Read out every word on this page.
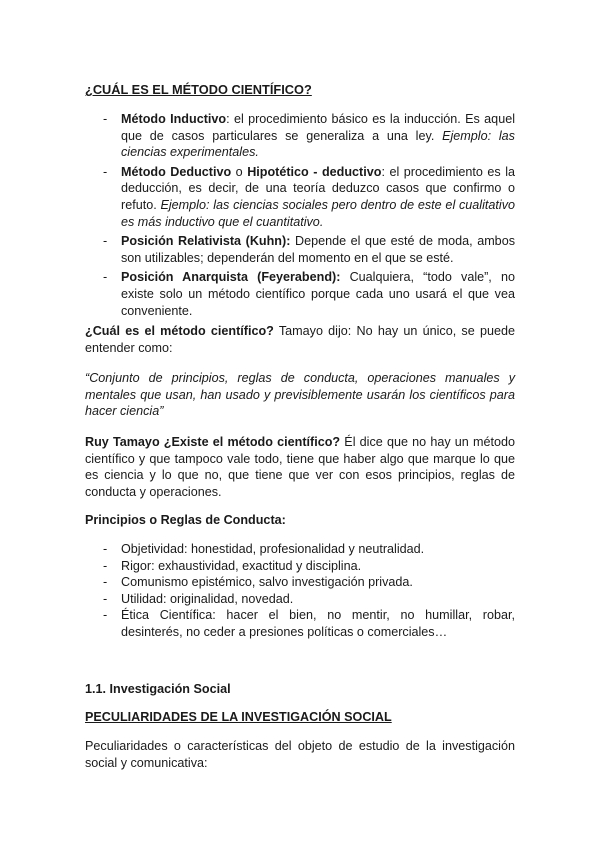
¿CUÁL ES EL MÉTODO CIENTÍFICO?
- Método Inductivo: el procedimiento básico es la inducción. Es aquel que de casos particulares se generaliza a una ley. Ejemplo: las ciencias experimentales.
- Método Deductivo o Hipotético - deductivo: el procedimiento es la deducción, es decir, de una teoría deduzco casos que confirmo o refuto. Ejemplo: las ciencias sociales pero dentro de este el cualitativo es más inductivo que el cuantitativo.
- Posición Relativista (Kuhn): Depende el que esté de moda, ambos son utilizables; dependerán del momento en el que se esté.
- Posición Anarquista (Feyerabend): Cualquiera, “todo vale”, no existe solo un método científico porque cada uno usará el que vea conveniente.

¿Cuál es el método científico? Tamayo dijo: No hay un único, se puede entender como:

“Conjunto de principios, reglas de conducta, operaciones manuales y mentales que usan, han usado y previsiblemente usarán los científicos para hacer ciencia”

Ruy Tamayo ¿Existe el método científico? Él dice que no hay un método científico y que tampoco vale todo, tiene que haber algo que marque lo que es ciencia y lo que no, que tiene que ver con esos principios, reglas de conducta y operaciones.

Principios o Reglas de Conducta:

- Objetividad: honestidad, profesionalidad y neutralidad.
- Rigor: exhaustividad, exactitud y disciplina.
- Comunismo epistémico, salvo investigación privada.
- Utilidad: originalidad, novedad.
- Ética Científica: hacer el bien, no mentir, no humillar, robar, desinterés, no ceder a presiones políticas o comerciales…

1.1. Investigación Social

PECULIARIDADES DE LA INVESTIGACIÓN SOCIAL

Peculiaridades o características del objeto de estudio de la investigación social y comunicativa:
